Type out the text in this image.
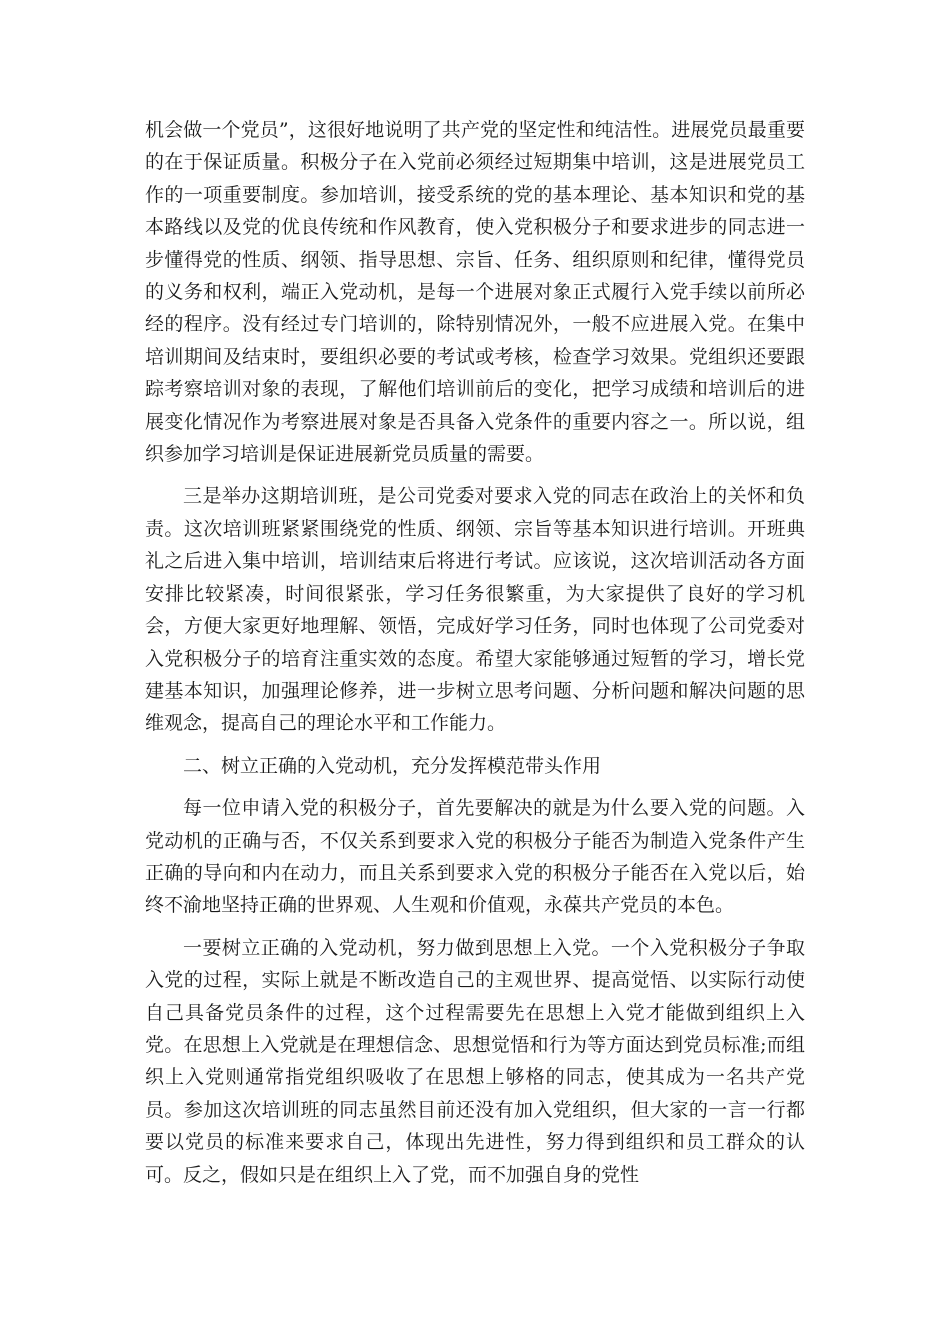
机会做一个党员”，这很好地说明了共产党的坚定性和纯洁性。进展党员最重要的在于保证质量。积极分子在入党前必须经过短期集中培训，这是进展党员工作的一项重要制度。参加培训，接受系统的党的基本理论、基本知识和党的基本路线以及党的优良传统和作风教育，使入党积极分子和要求进步的同志进一步懂得党的性质、纲领、指导思想、宗旨、任务、组织原则和纪律，懂得党员的义务和权利，端正入党动机，是每一个进展对象正式履行入党手续以前所必经的程序。没有经过专门培训的，除特别情况外，一般不应进展入党。在集中培训期间及结束时，要组织必要的考试或考核，检查学习效果。党组织还要跟踪考察培训对象的表现，了解他们培训前后的变化，把学习成绩和培训后的进展变化情况作为考察进展对象是否具备入党条件的重要内容之一。所以说，组织参加学习培训是保证进展新党员质量的需要。

三是举办这期培训班，是公司党委对要求入党的同志在政治上的关怀和负责。这次培训班紧紧围绕党的性质、纲领、宗旨等基本知识进行培训。开班典礼之后进入集中培训，培训结束后将进行考试。应该说，这次培训活动各方面安排比较紧凑，时间很紧张，学习任务很繁重，为大家提供了良好的学习机会，方便大家更好地理解、领悟，完成好学习任务，同时也体现了公司党委对入党积极分子的培育注重实效的态度。希望大家能够通过短暂的学习，增长党建基本知识，加强理论修养，进一步树立思考问题、分析问题和解决问题的思维观念，提高自己的理论水平和工作能力。

二、树立正确的入党动机，充分发挥模范带头作用

每一位申请入党的积极分子，首先要解决的就是为什么要入党的问题。入党动机的正确与否，不仅关系到要求入党的积极分子能否为制造入党条件产生正确的导向和内在动力，而且关系到要求入党的积极分子能否在入党以后，始终不渝地坚持正确的世界观、人生观和价值观，永葆共产党员的本色。

一要树立正确的入党动机，努力做到思想上入党。一个入党积极分子争取入党的过程，实际上就是不断改造自己的主观世界、提高觉悟、以实际行动使自己具备党员条件的过程，这个过程需要先在思想上入党才能做到组织上入党。在思想上入党就是在理想信念、思想觉悟和行为等方面达到党员标准;而组织上入党则通常指党组织吸收了在思想上够格的同志，使其成为一名共产党员。参加这次培训班的同志虽然目前还没有加入党组织，但大家的一言一行都要以党员的标准来要求自己，体现出先进性，努力得到组织和员工群众的认可。反之，假如只是在组织上入了党，而不加强自身的党性
